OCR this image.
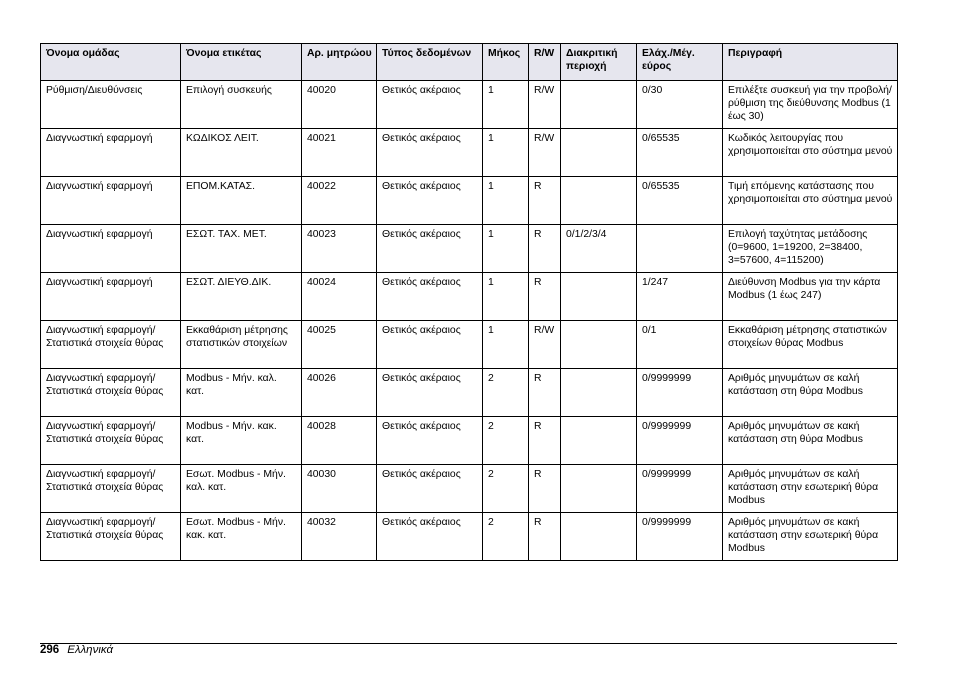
Όνομα ομάδας	Όνομα ετικέτας	Αρ. μητρώου	Τύπος δεδομένων	Μήκος	R/W	Διακριτική περιοχή	Ελάχ./Μέγ. εύρος	Περιγραφή
Ρύθμιση/Διευθύνσεις	Επιλογή συσκευής	40020	Θετικός ακέραιος	1	R/W		0/30	Επιλέξτε συσκευή για την προβολή/ρύθμιση της διεύθυνσης Modbus (1 έως 30)
Διαγνωστική εφαρμογή	ΚΩΔΙΚΟΣ ΛΕΙΤ.	40021	Θετικός ακέραιος	1	R/W		0/65535	Κωδικός λειτουργίας που χρησιμοποιείται στο σύστημα μενού
Διαγνωστική εφαρμογή	ΕΠΟΜ.ΚΑΤΑΣ.	40022	Θετικός ακέραιος	1	R		0/65535	Τιμή επόμενης κατάστασης που χρησιμοποιείται στο σύστημα μενού
Διαγνωστική εφαρμογή	ΕΣΩΤ. ΤΑΧ. ΜΕΤ.	40023	Θετικός ακέραιος	1	R	0/1/2/3/4		Επιλογή ταχύτητας μετάδοσης (0=9600, 1=19200, 2=38400, 3=57600, 4=115200)
Διαγνωστική εφαρμογή	ΕΣΩΤ. ΔΙΕΥΘ.ΔΙΚ.	40024	Θετικός ακέραιος	1	R		1/247	Διεύθυνση Modbus για την κάρτα Modbus (1 έως 247)
Διαγνωστική εφαρμογή/Στατιστικά στοιχεία θύρας	Εκκαθάριση μέτρησης στατιστικών στοιχείων	40025	Θετικός ακέραιος	1	R/W		0/1	Εκκαθάριση μέτρησης στατιστικών στοιχείων θύρας Modbus
Διαγνωστική εφαρμογή/Στατιστικά στοιχεία θύρας	Modbus - Μήν. καλ. κατ.	40026	Θετικός ακέραιος	2	R		0/9999999	Αριθμός μηνυμάτων σε καλή κατάσταση στη θύρα Modbus
Διαγνωστική εφαρμογή/Στατιστικά στοιχεία θύρας	Modbus - Μήν. κακ. κατ.	40028	Θετικός ακέραιος	2	R		0/9999999	Αριθμός μηνυμάτων σε κακή κατάσταση στη θύρα Modbus
Διαγνωστική εφαρμογή/Στατιστικά στοιχεία θύρας	Εσωτ. Modbus - Μήν. καλ. κατ.	40030	Θετικός ακέραιος	2	R		0/9999999	Αριθμός μηνυμάτων σε καλή κατάσταση στην εσωτερική θύρα Modbus
Διαγνωστική εφαρμογή/Στατιστικά στοιχεία θύρας	Εσωτ. Modbus - Μήν. κακ. κατ.	40032	Θετικός ακέραιος	2	R		0/9999999	Αριθμός μηνυμάτων σε κακή κατάσταση στην εσωτερική θύρα Modbus
296 Ελληνικά
